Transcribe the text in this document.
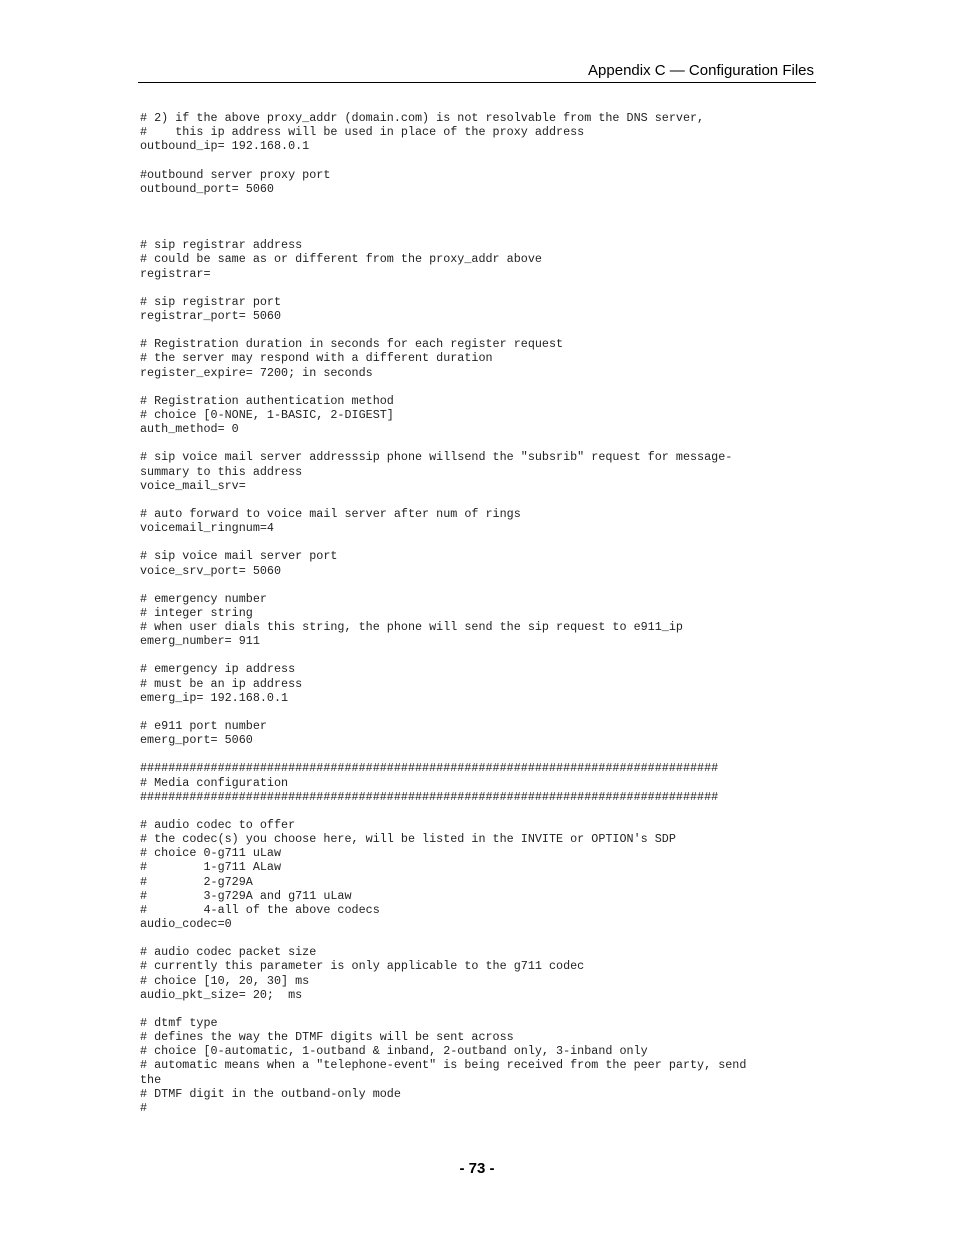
Appendix C — Configuration Files
# 2) if the above proxy_addr (domain.com) is not resolvable from the DNS server,
#    this ip address will be used in place of the proxy address
outbound_ip= 192.168.0.1
#outbound server proxy port
outbound_port= 5060
# sip registrar address
# could be same as or different from the proxy_addr above
registrar=
# sip registrar port
registrar_port= 5060
# Registration duration in seconds for each register request
# the server may respond with a different duration
register_expire= 7200; in seconds
# Registration authentication method
# choice [0-NONE, 1-BASIC, 2-DIGEST]
auth_method= 0
# sip voice mail server addresssip phone willsend the "subsrib" request for message-
summary to this address
voice_mail_srv=
# auto forward to voice mail server after num of rings
voicemail_ringnum=4
# sip voice mail server port
voice_srv_port= 5060
# emergency number
# integer string
# when user dials this string, the phone will send the sip request to e911_ip
emerg_number= 911
# emergency ip address
# must be an ip address
emerg_ip= 192.168.0.1
# e911 port number
emerg_port= 5060
##################################################################################
# Media configuration
##################################################################################
# audio codec to offer
# the codec(s) you choose here, will be listed in the INVITE or OPTION's SDP
# choice 0-g711 uLaw
#        1-g711 ALaw
#        2-g729A
#        3-g729A and g711 uLaw
#        4-all of the above codecs
audio_codec=0
# audio codec packet size
# currently this parameter is only applicable to the g711 codec
# choice [10, 20, 30] ms
audio_pkt_size= 20;  ms
# dtmf type
# defines the way the DTMF digits will be sent across
# choice [0-automatic, 1-outband & inband, 2-outband only, 3-inband only
# automatic means when a "telephone-event" is being received from the peer party, send
the
# DTMF digit in the outband-only mode
#
- 73 -
